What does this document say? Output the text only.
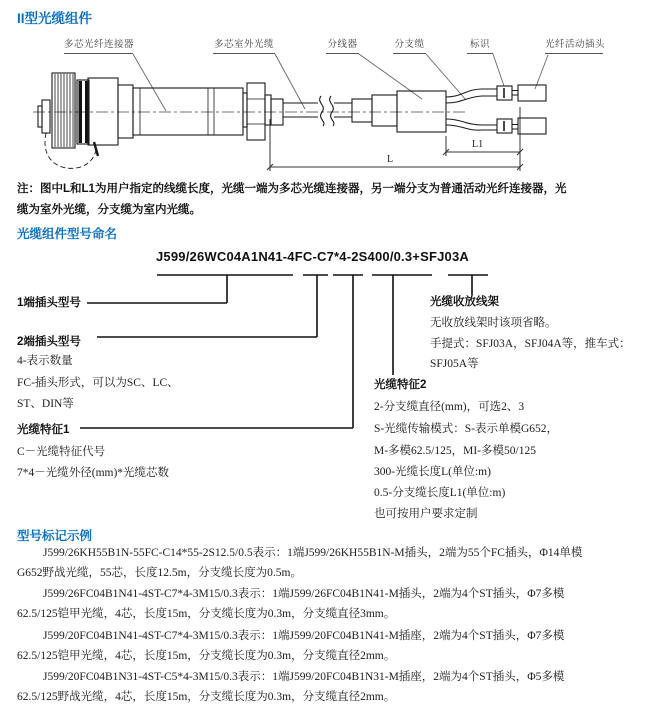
II型光缆组件
多芯光纤连接器	多芯室外光缆	分线器	分支缆	标识	光纤活动插头
L1
L
注：图中L和L1为用户指定的线缆长度，光缆一端为多芯光缆连接器，另一端分支为普通活动光纤连接器，光
缆为室外光缆，分支缆为室内光缆。
光缆组件型号命名
J599/26WC04A1N41-4FC-C7*4-2S400/0.3+SFJ03A
1端插头型号
2端插头型号
4-表示数量
FC-插头形式，可以为SC、LC、
ST、DIN等
光缆特征1
C－光缆特征代号
7*4－光缆外径(mm)*光缆芯数
光缆收放线架
无收放线架时该项省略。
手提式：SFJ03A，SFJ04A等，推车式：
SFJ05A等
光缆特征2
2-分支缆直径(mm)，可选2、3
S-光缆传输模式：S-表示单模G652，
M-多模62.5/125，MI-多模50/125
300-光缆长度L(单位:m)
0.5-分支缆长度L1(单位:m)
也可按用户要求定制
型号标记示例
J599/26KH55B1N-55FC-C14*55-2S12.5/0.5表示：1端J599/26KH55B1N-M插头，2端为55个FC插头，Φ14单模
G652野战光缆，55芯，长度12.5m，分支缆长度为0.5m。
J599/26FC04B1N41-4ST-C7*4-3M15/0.3表示：1端J599/26FC04B1N41-M插头，2端为4个ST插头，Φ7多模
62.5/125铠甲光缆，4芯，长度15m，分支缆长度为0.3m，分支缆直径3mm。
J599/20FC04B1N41-4ST-C7*4-3M15/0.3表示：1端J599/20FC04B1N41-M插座，2端为4个ST插头，Φ7多模
62.5/125铠甲光缆，4芯，长度15m，分支缆长度为0.3m，分支缆直径2mm。
J599/20FC04B1N31-4ST-C5*4-3M15/0.3表示：1端J599/20FC04B1N31-M插座，2端为4个ST插头，Φ5多模
62.5/125野战光缆，4芯，长度15m，分支缆长度为0.3m，分支缆直径2mm。
